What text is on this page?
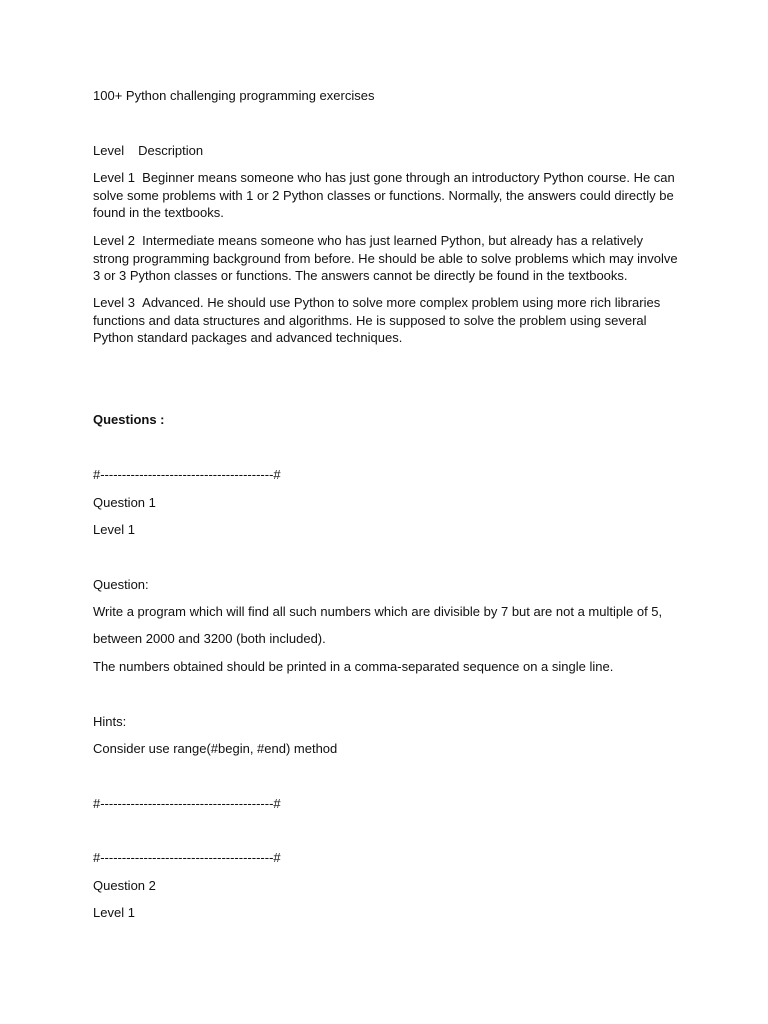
100+ Python challenging programming exercises
Level Description
Level 1 Beginner means someone who has just gone through an introductory Python course. He can solve some problems with 1 or 2 Python classes or functions. Normally, the answers could directly be found in the textbooks.
Level 2 Intermediate means someone who has just learned Python, but already has a relatively strong programming background from before. He should be able to solve problems which may involve 3 or 3 Python classes or functions. The answers cannot be directly be found in the textbooks.
Level 3 Advanced. He should use Python to solve more complex problem using more rich libraries functions and data structures and algorithms. He is supposed to solve the problem using several Python standard packages and advanced techniques.
Questions :
#----------------------------------------#
Question 1
Level 1
Question:
Write a program which will find all such numbers which are divisible by 7 but are not a multiple of 5,
between 2000 and 3200 (both included).
The numbers obtained should be printed in a comma-separated sequence on a single line.
Hints:
Consider use range(#begin, #end) method
#----------------------------------------#
#----------------------------------------#
Question 2
Level 1
